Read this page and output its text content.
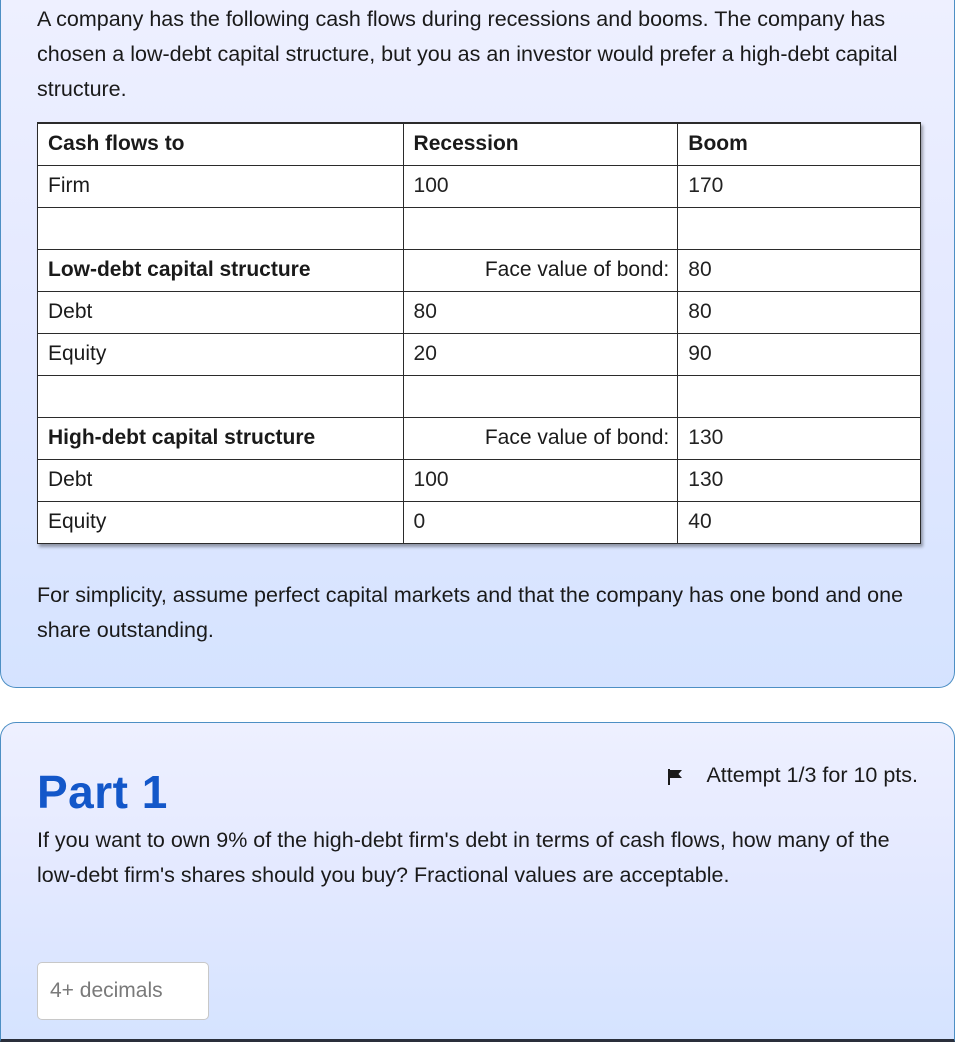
A company has the following cash flows during recessions and booms. The company has chosen a low-debt capital structure, but you as an investor would prefer a high-debt capital structure.

Cash flows to	Recession	Boom
Firm	100	170

Low-debt capital structure	Face value of bond:	80
Debt	80	80
Equity	20	90

High-debt capital structure	Face value of bond:	130
Debt	100	130
Equity	0	40

For simplicity, assume perfect capital markets and that the company has one bond and one share outstanding.

Part 1	Attempt 1/3 for 10 pts.

If you want to own 9% of the high-debt firm's debt in terms of cash flows, how many of the low-debt firm's shares should you buy? Fractional values are acceptable.

4+ decimals
